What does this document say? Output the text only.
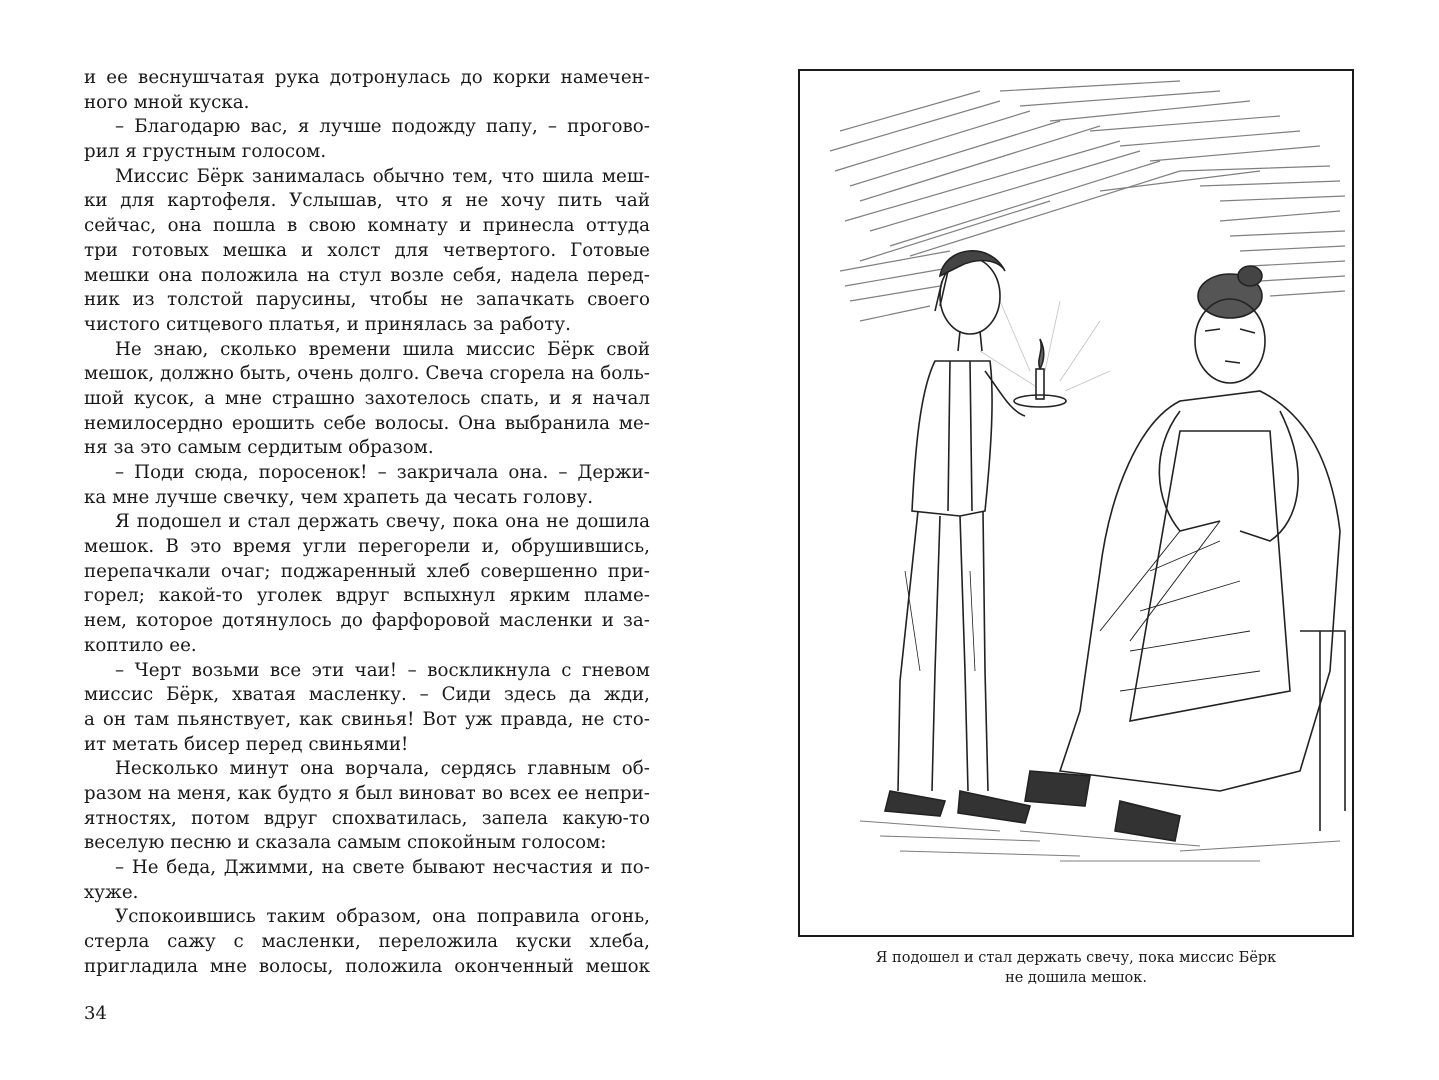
и ее веснушчатая рука дотронулась до корки намечен-
ного мной куска.
– Благодарю вас, я лучше подожду папу, – прогово-
рил я грустным голосом.
Миссис Бёрк занималась обычно тем, что шила меш-
ки для картофеля. Услышав, что я не хочу пить чай
сейчас, она пошла в свою комнату и принесла оттуда
три готовых мешка и холст для четвертого. Готовые
мешки она положила на стул возле себя, надела перед-
ник из толстой парусины, чтобы не запачкать своего
чистого ситцевого платья, и принялась за работу.
Не знаю, сколько времени шила миссис Бёрк свой
мешок, должно быть, очень долго. Свеча сгорела на боль-
шой кусок, а мне страшно захотелось спать, и я начал
немилосердно ерошить себе волосы. Она выбранила ме-
ня за это самым сердитым образом.
– Поди сюда, поросенок! – закричала она. – Держи-
ка мне лучше свечку, чем храпеть да чесать голову.
Я подошел и стал держать свечу, пока она не дошила
мешок. В это время угли перегорели и, обрушившись,
перепачкали очаг; поджаренный хлеб совершенно при-
горел; какой-то уголек вдруг вспыхнул ярким пламе-
нем, которое дотянулось до фарфоровой масленки и за-
коптило ее.
– Черт возьми все эти чаи! – воскликнула с гневом
миссис Бёрк, хватая масленку. – Сиди здесь да жди,
а он там пьянствует, как свинья! Вот уж правда, не сто-
ит метать бисер перед свиньями!
Несколько минут она ворчала, сердясь главным об-
разом на меня, как будто я был виноват во всех ее непри-
ятностях, потом вдруг спохватилась, запела какую-то
веселую песню и сказала самым спокойным голосом:
– Не беда, Джимми, на свете бывают несчастия и по-
хуже.
Успокоившись таким образом, она поправила огонь,
стерла сажу с масленки, переложила куски хлеба,
пригладила мне волосы, положила оконченный мешок
34
Я подошел и стал держать свечу, пока миссис Бёрк
не дошила мешок.
